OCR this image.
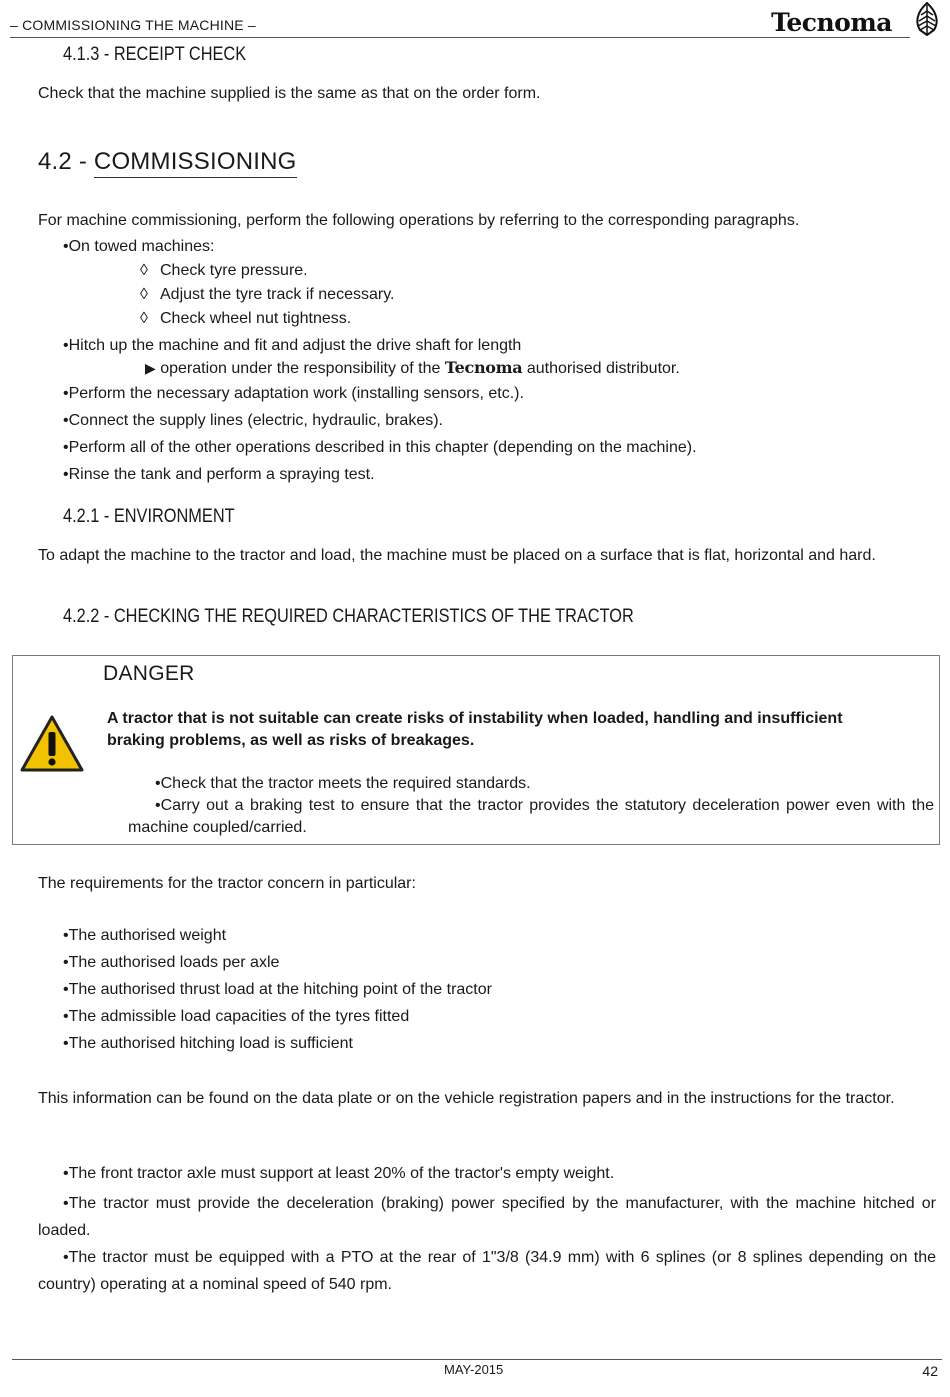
– COMMISSIONING THE MACHINE –	Tecnoma
4.1.3 - RECEIPT CHECK
Check that the machine supplied is the same as that on the order form.
4.2 - COMMISSIONING
For machine commissioning, perform the following operations by referring to the corresponding paragraphs.
•On towed machines:
◊ Check tyre pressure.
◊ Adjust the tyre track if necessary.
◊ Check wheel nut tightness.
•Hitch up the machine and fit and adjust the drive shaft for length
▶ operation under the responsibility of the Tecnoma authorised distributor.
•Perform the necessary adaptation work (installing sensors, etc.).
•Connect the supply lines (electric, hydraulic, brakes).
•Perform all of the other operations described in this chapter (depending on the machine).
•Rinse the tank and perform a spraying test.
4.2.1 - ENVIRONMENT
To adapt the machine to the tractor and load, the machine must be placed on a surface that is flat, horizontal and hard.
4.2.2 - CHECKING THE REQUIRED CHARACTERISTICS OF THE TRACTOR
DANGER
A tractor that is not suitable can create risks of instability when loaded, handling and insufficient braking problems, as well as risks of breakages.
•Check that the tractor meets the required standards.
•Carry out a braking test to ensure that the tractor provides the statutory deceleration power even with the machine coupled/carried.
The requirements for the tractor concern in particular:
•The authorised weight
•The authorised loads per axle
•The authorised thrust load at the hitching point of the tractor
•The admissible load capacities of the tyres fitted
•The authorised hitching load is sufficient
This information can be found on the data plate or on the vehicle registration papers and in the instructions for the tractor.
•The front tractor axle must support at least 20% of the tractor's empty weight.
•The tractor must provide the deceleration (braking) power specified by the manufacturer, with the machine hitched or loaded.
•The tractor must be equipped with a PTO at the rear of 1"3/8 (34.9 mm) with 6 splines (or 8 splines depending on the country) operating at a nominal speed of 540 rpm.
MAY-2015	42
